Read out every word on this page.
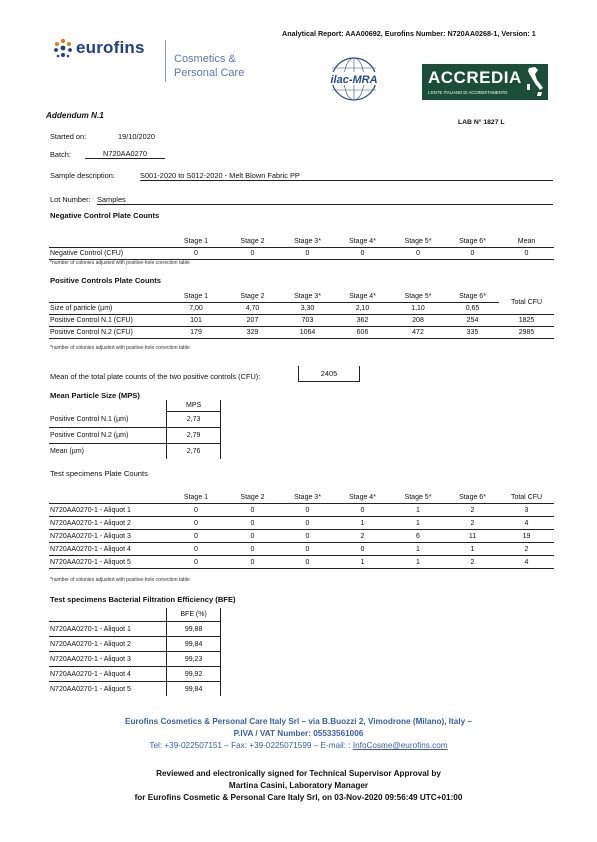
Analytical Report: AAA00692, Eurofins Number: N720AA0268-1, Version: 1
eurofins
Cosmetics &
Personal Care
ilac-MRA	ACCREDIA
L'ENTE ITALIANO DI ACCREDITAMENTO
LAB N° 1827 L
Addendum N.1
Started on:	19/10/2020
Batch:	N720AA0270
Sample description:	S001-2020 to S012-2020 - Melt Blown Fabric PP
Lot Number: Samples
Negative Control Plate Counts
	Stage 1	Stage 2	Stage 3*	Stage 4*	Stage 5*	Stage 6*	Mean
Negative Control (CFU)	0	0	0	0	0	0	0
*number of colonies adjusted with positive-hole correction table
Positive Controls Plate Counts
	Stage 1	Stage 2	Stage 3*	Stage 4*	Stage 5*	Stage 6*	Total CFU
Size of particle (µm)	7,00	4,70	3,30	2,10	1,10	0,65	
Positive Control N.1 (CFU)	101	207	703	362	208	254	1825
Positive Control N.2 (CFU)	179	329	1064	606	472	335	2985
*number of colonies adjusted with positive-hole correction table
Mean of the total plate counts of the two positive controls (CFU):	2405
Mean Particle Size (MPS)
	MPS
Positive Control N.1 (µm)	2,73
Positive Control N.2 (µm)	2,79
Mean (µm)	2,76
Test specimens Plate Counts
	Stage 1	Stage 2	Stage 3*	Stage 4*	Stage 5*	Stage 6*	Total CFU
N720AA0270-1 - Aliquot 1	0	0	0	0	1	2	3
N720AA0270-1 - Aliquot 2	0	0	0	1	1	2	4
N720AA0270-1 - Aliquot 3	0	0	0	2	6	11	19
N720AA0270-1 - Aliquot 4	0	0	0	0	1	1	2
N720AA0270-1 - Aliquot 5	0	0	0	1	1	2	4
*number of colonies adjusted with positive-hole correction table
Test specimens Bacterial Filtration Efficiency (BFE)
	BFE (%)
N720AA0270-1 - Aliquot 1	99,88
N720AA0270-1 - Aliquot 2	99,84
N720AA0270-1 - Aliquot 3	99,23
N720AA0270-1 - Aliquot 4	99,92
N720AA0270-1 - Aliquot 5	99,84
Eurofins Cosmetics & Personal Care Italy Srl – via B.Buozzi 2, Vimodrone (Milano), Italy –
P.IVA / VAT Number: 05533561006
Tel: +39-022507151 – Fax: +39-0225071599 – E-mail: : InfoCosme@eurofins.com
Reviewed and electronically signed for Technical Supervisor Approval by
Martina Casini, Laboratory Manager
for Eurofins Cosmetic & Personal Care Italy Srl, on 03-Nov-2020 09:56:49 UTC+01:00
